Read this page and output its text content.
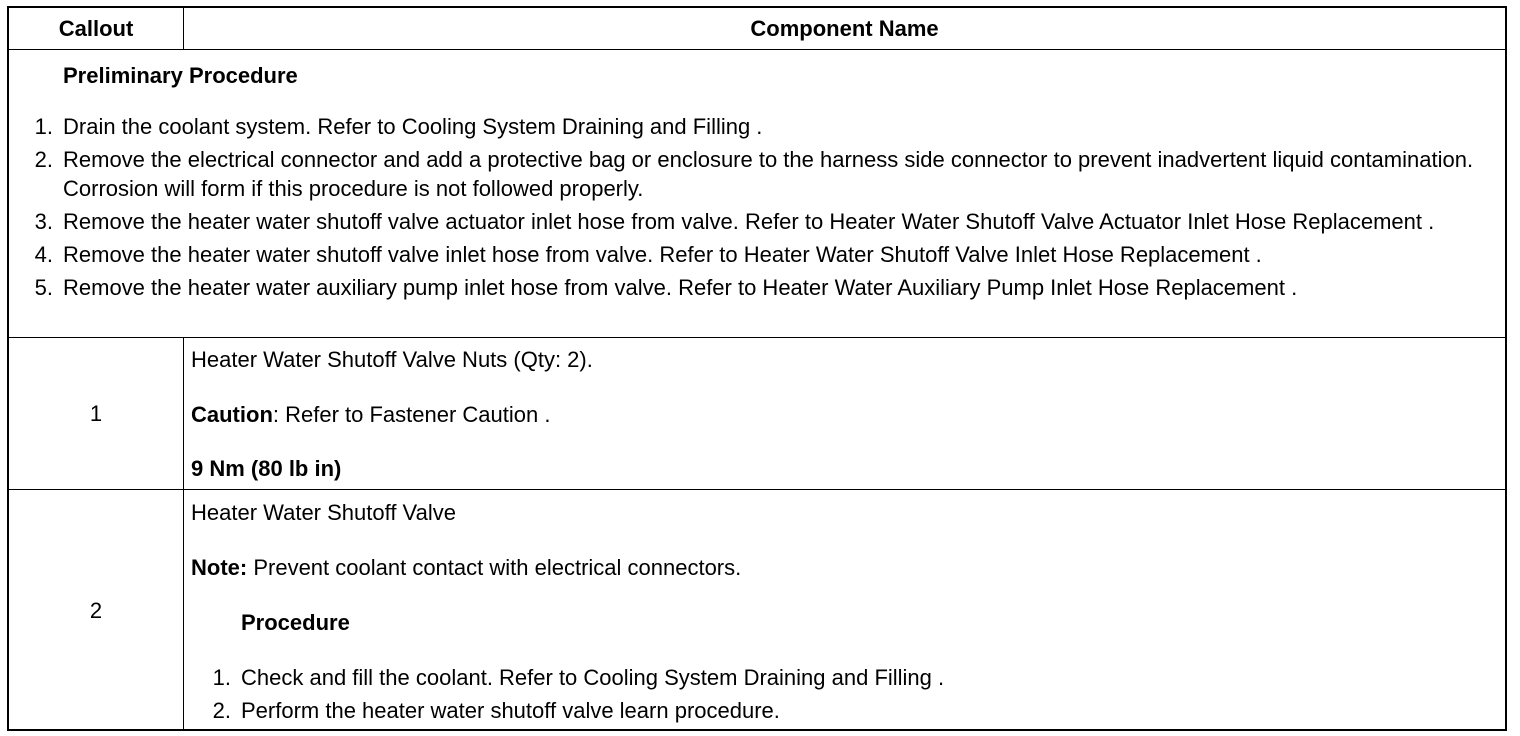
Callout	Component Name
Preliminary Procedure
1. Drain the coolant system. Refer to Cooling System Draining and Filling .
2. Remove the electrical connector and add a protective bag or enclosure to the harness side connector to prevent inadvertent liquid contamination. Corrosion will form if this procedure is not followed properly.
3. Remove the heater water shutoff valve actuator inlet hose from valve. Refer to Heater Water Shutoff Valve Actuator Inlet Hose Replacement .
4. Remove the heater water shutoff valve inlet hose from valve. Refer to Heater Water Shutoff Valve Inlet Hose Replacement .
5. Remove the heater water auxiliary pump inlet hose from valve. Refer to Heater Water Auxiliary Pump Inlet Hose Replacement .
1
Heater Water Shutoff Valve Nuts (Qty: 2).
Caution: Refer to Fastener Caution .
9 Nm (80 lb in)
2
Heater Water Shutoff Valve
Note: Prevent coolant contact with electrical connectors.
Procedure
1. Check and fill the coolant. Refer to Cooling System Draining and Filling .
2. Perform the heater water shutoff valve learn procedure.
